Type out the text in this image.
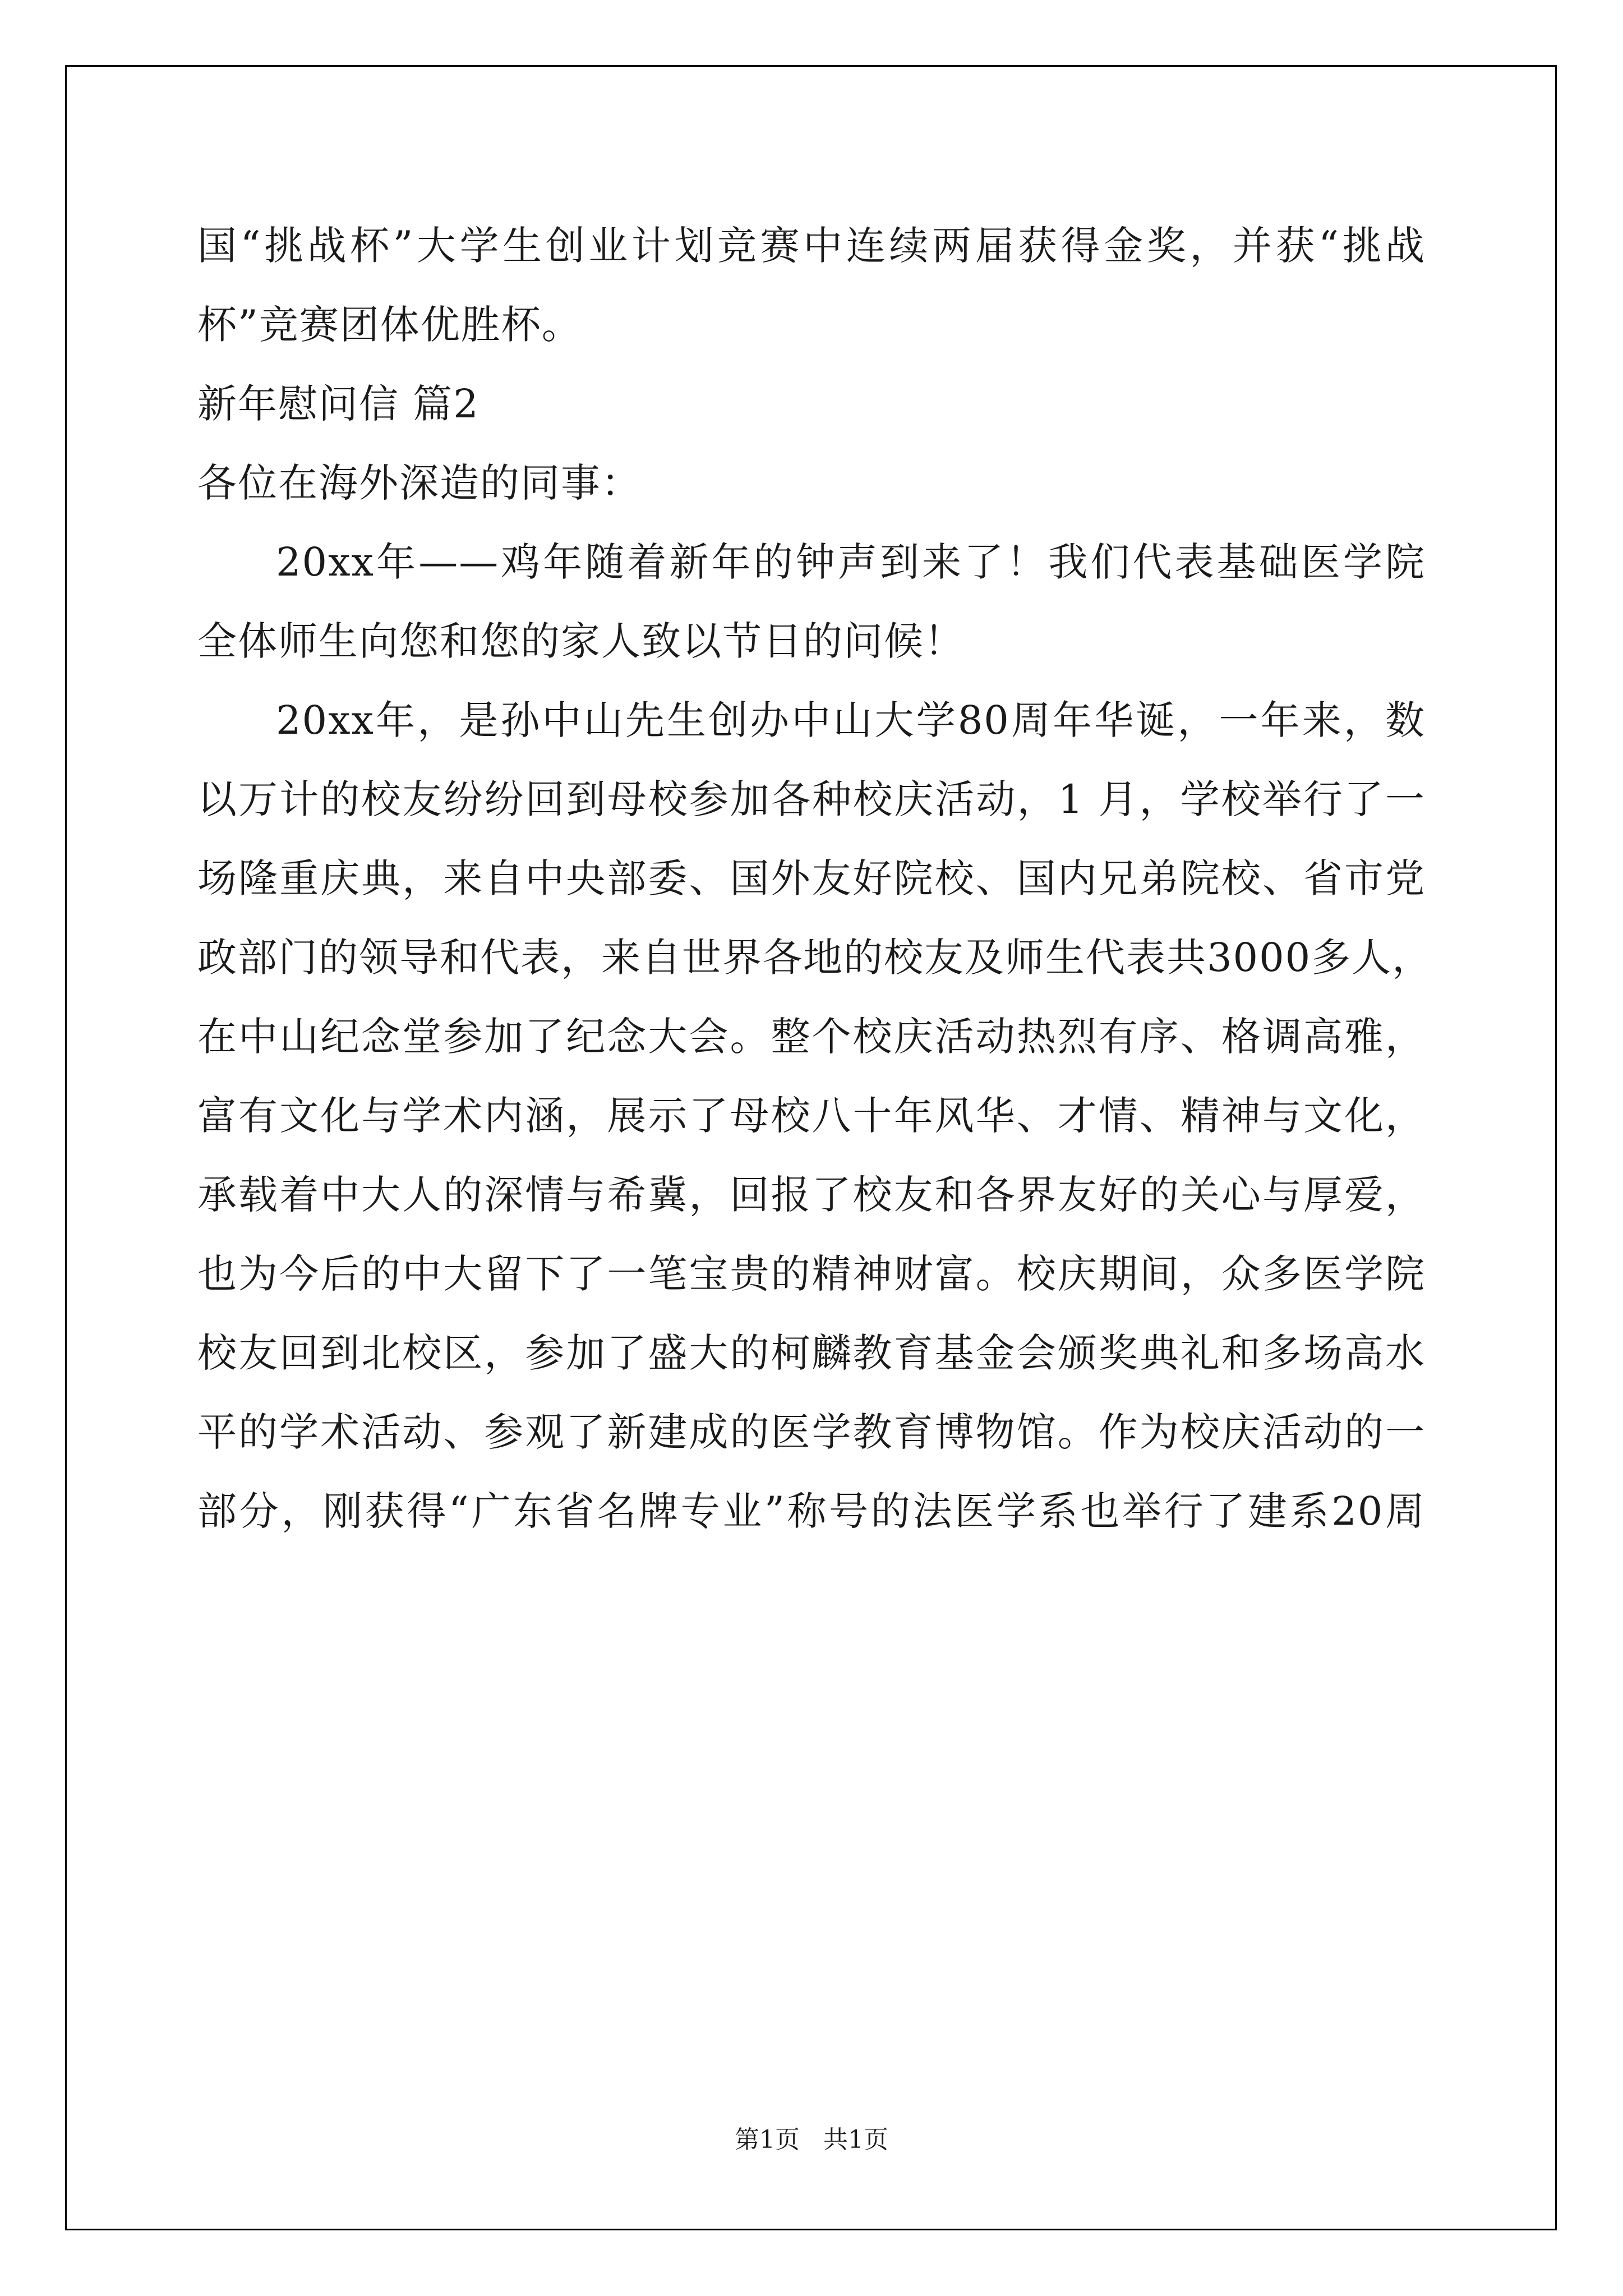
国“挑战杯”大学生创业计划竞赛中连续两届获得金奖，并获“挑战
杯”竞赛团体优胜杯。
新年慰问信 篇2
各位在海外深造的同事：
20xx年——鸡年随着新年的钟声到来了！我们代表基础医学院
全体师生向您和您的家人致以节日的问候！
20xx年，是孙中山先生创办中山大学80周年华诞，一年来，数
以万计的校友纷纷回到母校参加各种校庆活动，1 月，学校举行了一
场隆重庆典，来自中央部委、国外友好院校、国内兄弟院校、省市党
政部门的领导和代表，来自世界各地的校友及师生代表共3000多人，
在中山纪念堂参加了纪念大会。整个校庆活动热烈有序、格调高雅，
富有文化与学术内涵，展示了母校八十年风华、才情、精神与文化，
承载着中大人的深情与希冀，回报了校友和各界友好的关心与厚爱，
也为今后的中大留下了一笔宝贵的精神财富。校庆期间，众多医学院
校友回到北校区，参加了盛大的柯麟教育基金会颁奖典礼和多场高水
平的学术活动、参观了新建成的医学教育博物馆。作为校庆活动的一
部分，刚获得“广东省名牌专业”称号的法医学系也举行了建系20周
第1页 共1页
